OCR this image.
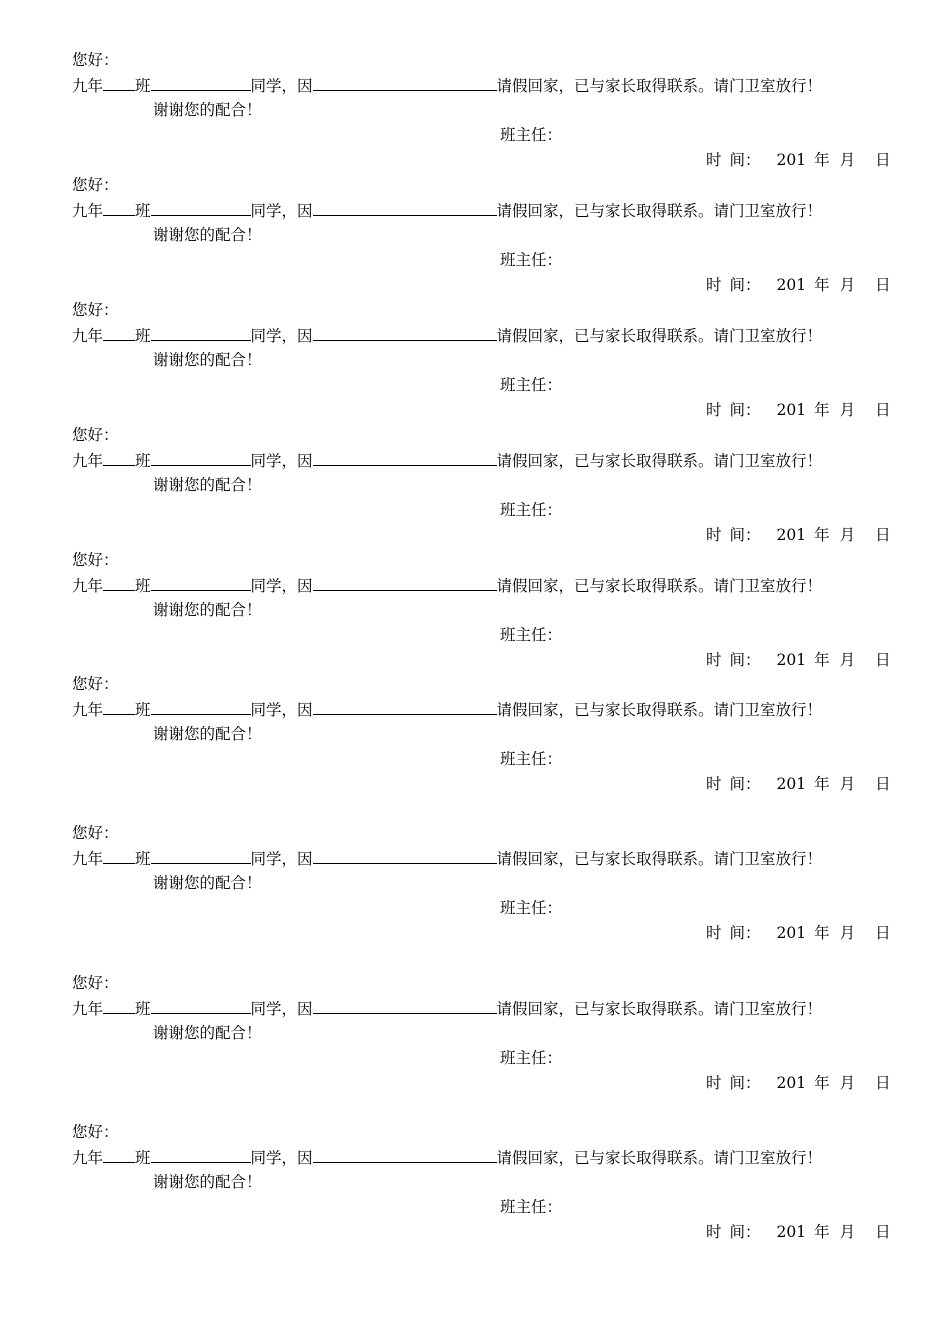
您好：
九年 班	同学，因	请假回家，已与家长取得联系。请门卫室放行！
谢谢您的配合！
班主任：
时 间： 201 年 月 日
您好：
九年 班	同学，因	请假回家，已与家长取得联系。请门卫室放行！
谢谢您的配合！
班主任：
时 间： 201 年 月 日
您好：
九年 班	同学，因	请假回家，已与家长取得联系。请门卫室放行！
谢谢您的配合！
班主任：
时 间： 201 年 月 日
您好：
九年 班	同学，因	请假回家，已与家长取得联系。请门卫室放行！
谢谢您的配合！
班主任：
时 间： 201 年 月 日
您好：
九年 班	同学，因	请假回家，已与家长取得联系。请门卫室放行！
谢谢您的配合！
班主任：
时 间： 201 年 月 日
您好：
九年 班	同学，因	请假回家，已与家长取得联系。请门卫室放行！
谢谢您的配合！
班主任：
时 间： 201 年 月 日
您好：
九年 班	同学，因	请假回家，已与家长取得联系。请门卫室放行！
谢谢您的配合！
班主任：
时 间： 201 年 月 日
您好：
九年 班	同学，因	请假回家，已与家长取得联系。请门卫室放行！
谢谢您的配合！
班主任：
时 间： 201 年 月 日
您好：
九年 班	同学，因	请假回家，已与家长取得联系。请门卫室放行！
谢谢您的配合！
班主任：
时 间： 201 年 月 日
